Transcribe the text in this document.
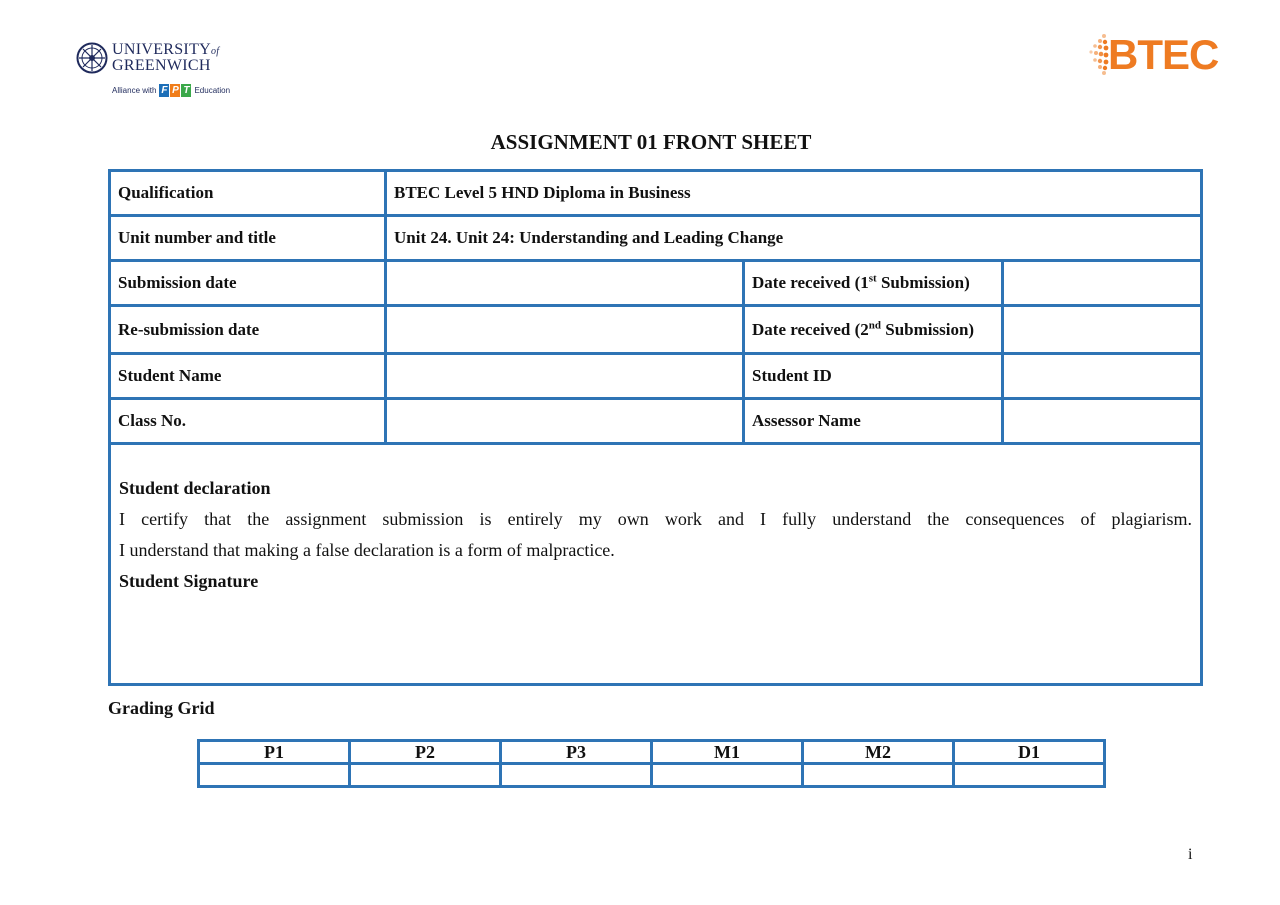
UNIVERSITYof
GREENWICH
Alliance with F P T Education
BTEC
ASSIGNMENT 01 FRONT SHEET
Qualification	BTEC Level 5 HND Diploma in Business		
Unit number and title	Unit 24. Unit 24: Understanding and Leading Change		
Submission date		Date received (1st Submission)	
Re-submission date		Date received (2nd Submission)	
Student Name		Student ID	
Class No.		Assessor Name	

Student declaration
I certify that the assignment submission is entirely my own work and I fully understand the consequences of plagiarism.
I understand that making a false declaration is a form of malpractice.
Student Signature			
Grading Grid
P1	P2	P3	M1	M2	D1

i
